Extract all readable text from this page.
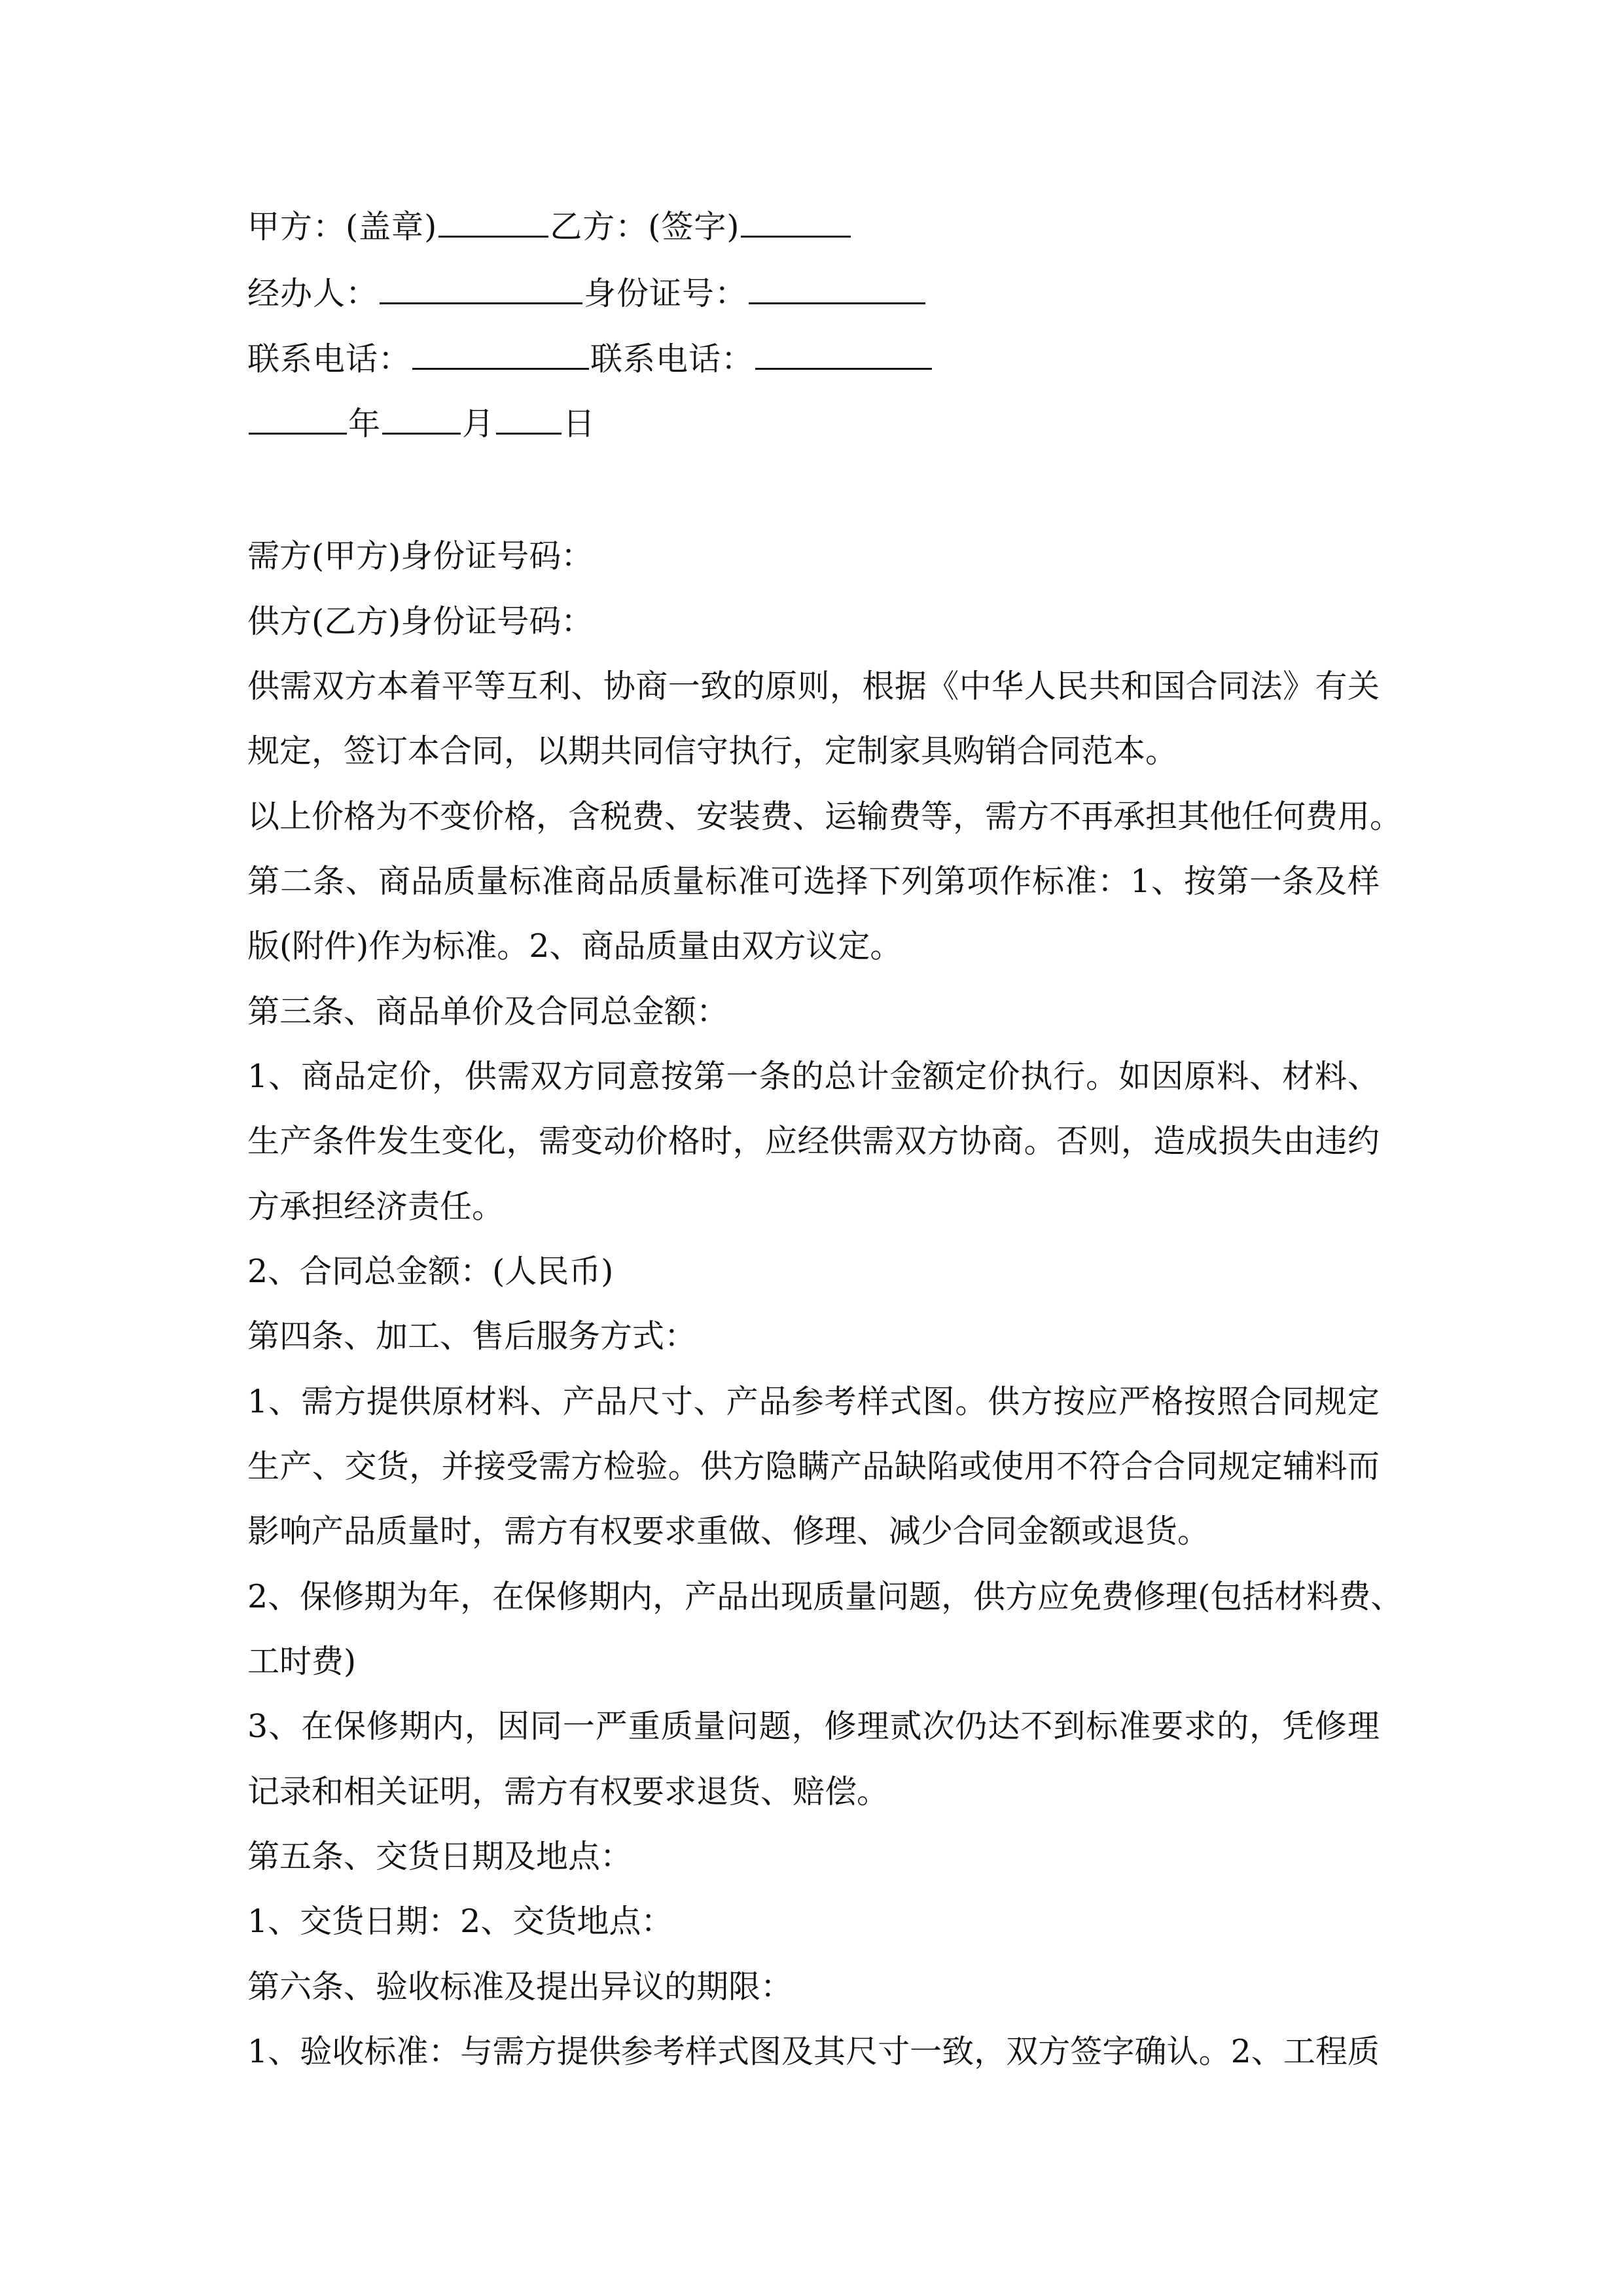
甲方：(盖章)	乙方：(签字)
经办人：	身份证号：
联系电话：	联系电话：
年	月 日
需方(甲方)身份证号码：
供方(乙方)身份证号码：
供需双方本着平等互利、协商一致的原则，根据《中华人民共和国合同法》有关
规定，签订本合同，以期共同信守执行，定制家具购销合同范本。
以上价格为不变价格，含税费、安装费、运输费等，需方不再承担其他任何费用。
第二条、商品质量标准商品质量标准可选择下列第项作标准：1、按第一条及样
版(附件)作为标准。2、商品质量由双方议定。
第三条、商品单价及合同总金额：
1、商品定价，供需双方同意按第一条的总计金额定价执行。如因原料、材料、
生产条件发生变化，需变动价格时，应经供需双方协商。否则，造成损失由违约
方承担经济责任。
2、合同总金额：(人民币)
第四条、加工、售后服务方式：
1、需方提供原材料、产品尺寸、产品参考样式图。供方按应严格按照合同规定
生产、交货，并接受需方检验。供方隐瞒产品缺陷或使用不符合合同规定辅料而
影响产品质量时，需方有权要求重做、修理、减少合同金额或退货。
2、保修期为年，在保修期内，产品出现质量问题，供方应免费修理(包括材料费、
工时费)
3、在保修期内，因同一严重质量问题，修理贰次仍达不到标准要求的，凭修理
记录和相关证明，需方有权要求退货、赔偿。
第五条、交货日期及地点：
1、交货日期：2、交货地点：
第六条、验收标准及提出异议的期限：
1、验收标准：与需方提供参考样式图及其尺寸一致，双方签字确认。2、工程质
